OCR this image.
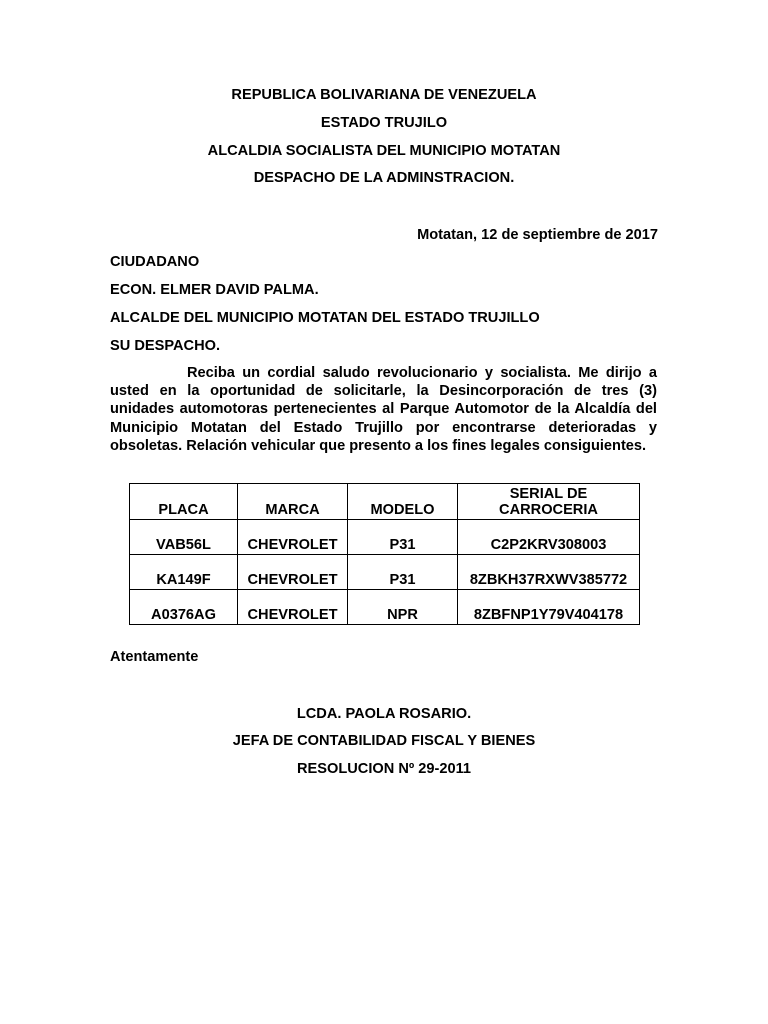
REPUBLICA BOLIVARIANA DE VENEZUELA
ESTADO TRUJILO
ALCALDIA SOCIALISTA DEL MUNICIPIO MOTATAN
DESPACHO DE LA ADMINSTRACION.
Motatan, 12 de septiembre de 2017
CIUDADANO
ECON. ELMER DAVID PALMA.
ALCALDE DEL MUNICIPIO MOTATAN DEL ESTADO TRUJILLO
SU DESPACHO.
Reciba un cordial saludo revolucionario y socialista. Me dirijo a usted en la oportunidad de solicitarle, la Desincorporación de tres (3) unidades automotoras pertenecientes al Parque Automotor de la Alcaldía del Municipio Motatan del Estado Trujillo por encontrarse deterioradas y obsoletas. Relación vehicular que presento a los fines legales consiguientes.
PLACA	MARCA	MODELO	SERIAL DE
CARROCERIA

VAB56L	CHEVROLET	P31	C2P2KRV308003
KA149F	CHEVROLET	P31	8ZBKH37RXWV385772
A0376AG	CHEVROLET	NPR	8ZBFNP1Y79V404178
Atentamente
LCDA. PAOLA ROSARIO.
JEFA DE CONTABILIDAD FISCAL Y BIENES
RESOLUCION Nº 29-2011
